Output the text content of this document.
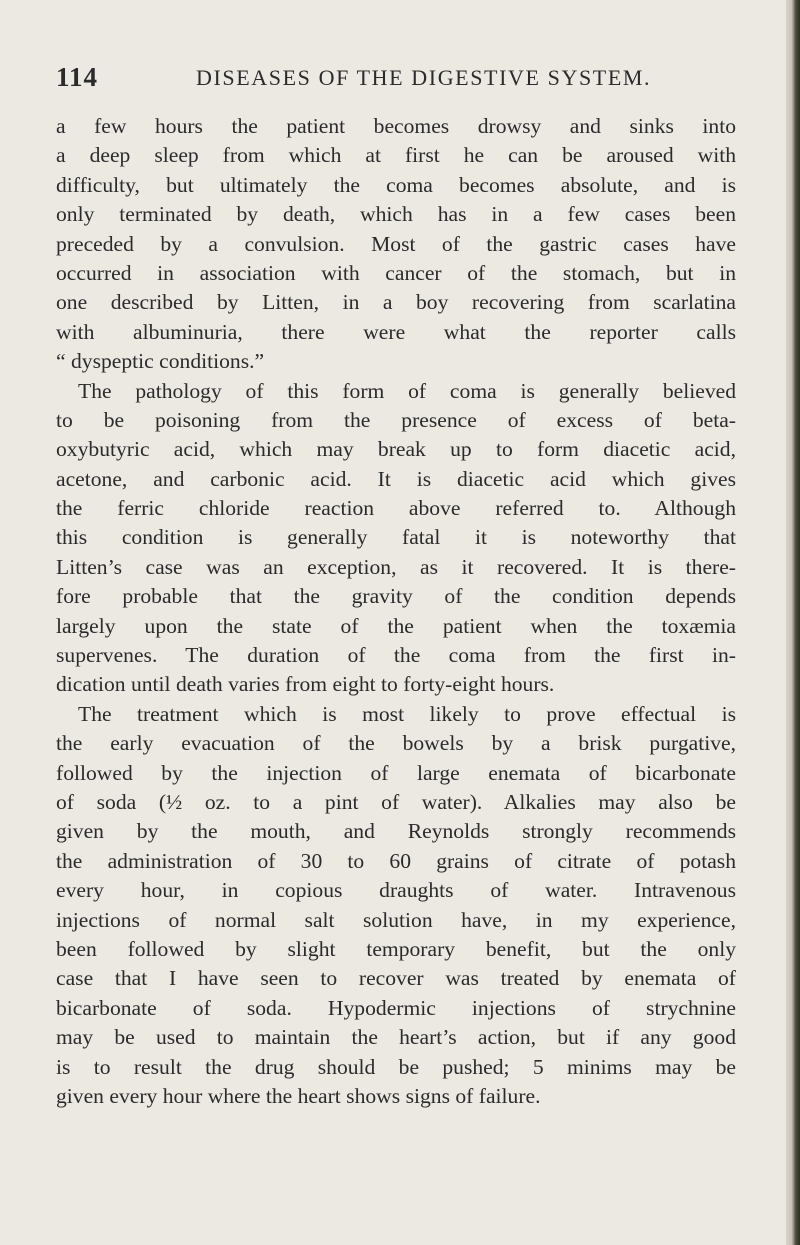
114	DISEASES OF THE DIGESTIVE SYSTEM.
a few hours the patient becomes drowsy and sinks into
a deep sleep from which at first he can be aroused with
difficulty, but ultimately the coma becomes absolute, and is
only terminated by death, which has in a few cases been
preceded by a convulsion. Most of the gastric cases have
occurred in association with cancer of the stomach, but in
one described by Litten, in a boy recovering from scarlatina
with albuminuria, there were what the reporter calls
“ dyspeptic conditions.”
The pathology of this form of coma is generally believed
to be poisoning from the presence of excess of beta-
oxybutyric acid, which may break up to form diacetic acid,
acetone, and carbonic acid. It is diacetic acid which gives
the ferric chloride reaction above referred to. Although
this condition is generally fatal it is noteworthy that
Litten’s case was an exception, as it recovered. It is there-
fore probable that the gravity of the condition depends
largely upon the state of the patient when the toxæmia
supervenes. The duration of the coma from the first in-
dication until death varies from eight to forty-eight hours.
The treatment which is most likely to prove effectual is
the early evacuation of the bowels by a brisk purgative,
followed by the injection of large enemata of bicarbonate
of soda (½ oz. to a pint of water). Alkalies may also be
given by the mouth, and Reynolds strongly recommends
the administration of 30 to 60 grains of citrate of potash
every hour, in copious draughts of water. Intravenous
injections of normal salt solution have, in my experience,
been followed by slight temporary benefit, but the only
case that I have seen to recover was treated by enemata of
bicarbonate of soda. Hypodermic injections of strychnine
may be used to maintain the heart’s action, but if any good
is to result the drug should be pushed; 5 minims may be
given every hour where the heart shows signs of failure.
